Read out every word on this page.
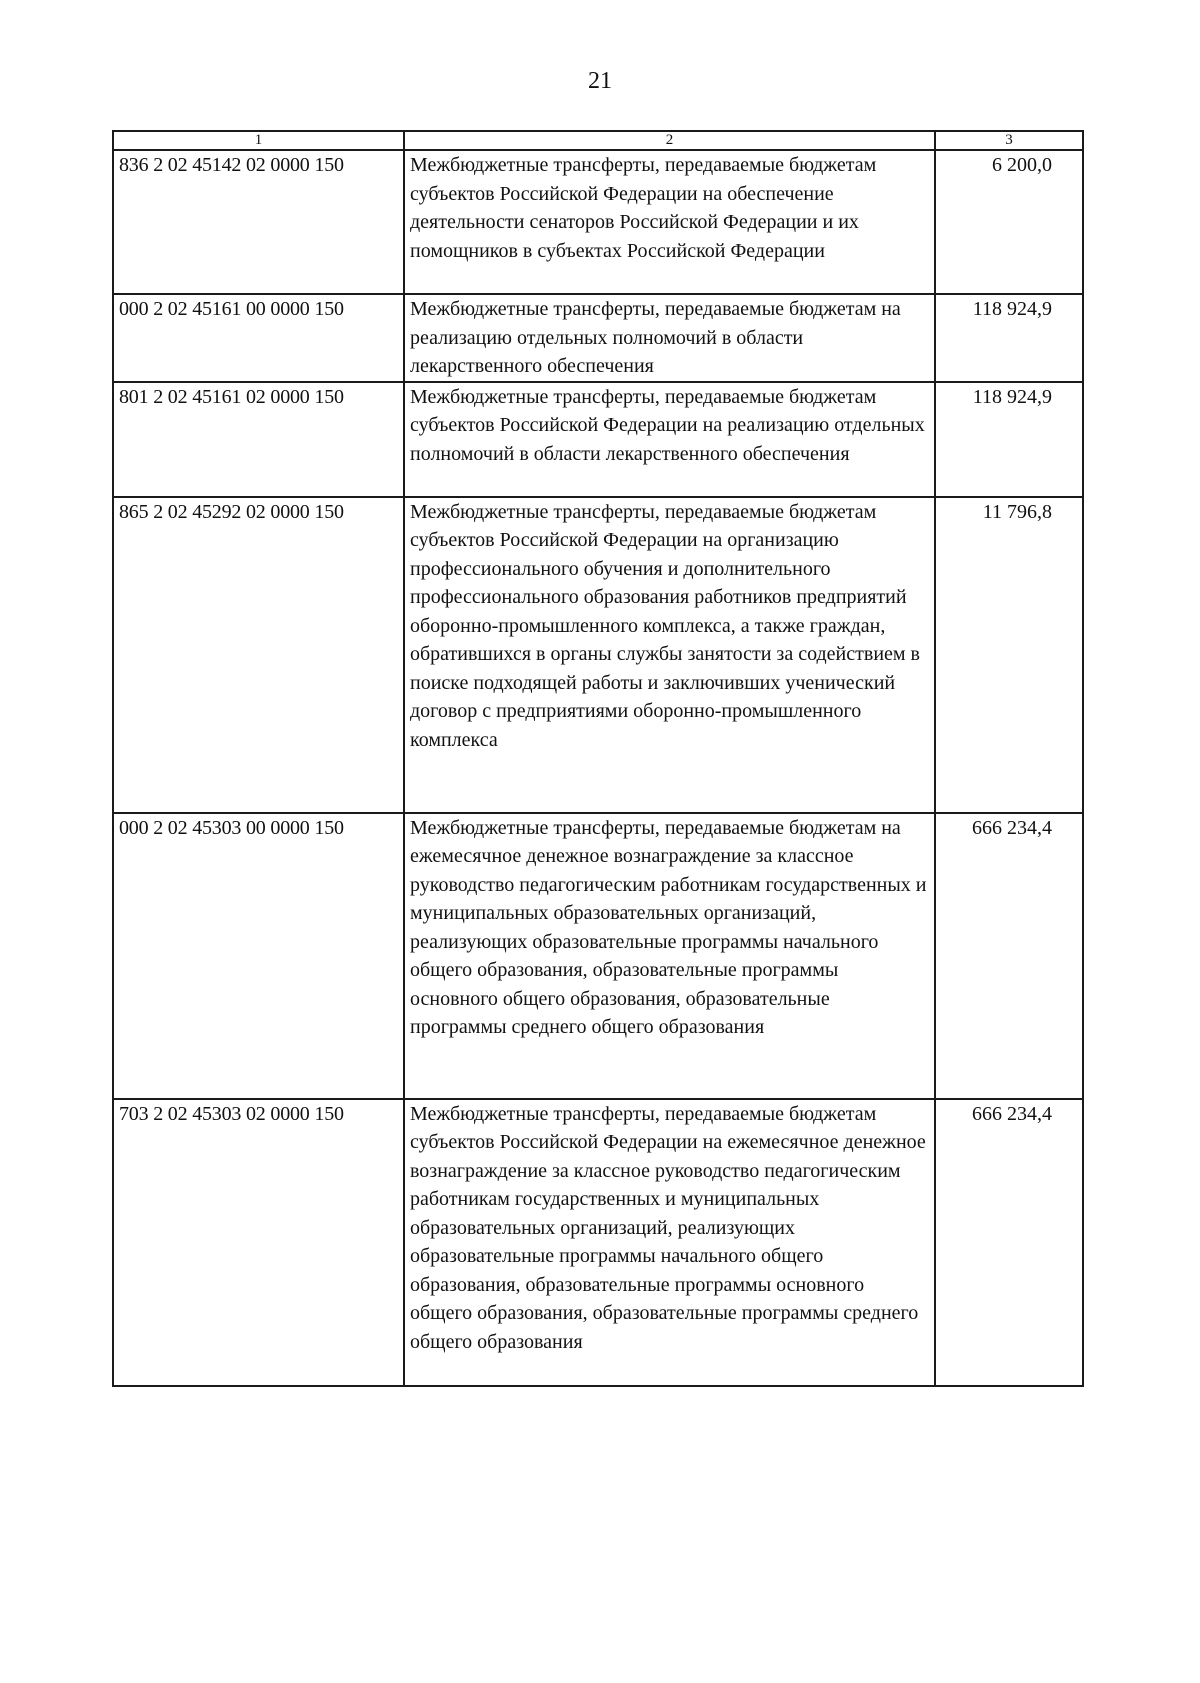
21
1	2	3
836 2 02 45142 02 0000 150	Межбюджетные трансферты, передаваемые бюджетам субъектов Российской Федерации на обеспечение деятельности сенаторов Российской Федерации и их помощников в субъектах Российской Федерации	6 200,0
000 2 02 45161 00 0000 150	Межбюджетные трансферты, передаваемые бюджетам на реализацию отдельных полномочий в области лекарственного обеспечения	118 924,9
801 2 02 45161 02 0000 150	Межбюджетные трансферты, передаваемые бюджетам субъектов Российской Федерации на реализацию отдельных полномочий в области лекарственного обеспечения	118 924,9
865 2 02 45292 02 0000 150	Межбюджетные трансферты, передаваемые бюджетам субъектов Российской Федерации на организацию профессионального обучения и дополнительного профессионального образования работников предприятий оборонно-промышленного комплекса, а также граждан, обратившихся в органы службы занятости за содействием в поиске подходящей работы и заключивших ученический договор с предприятиями оборонно-промышленного комплекса	11 796,8
000 2 02 45303 00 0000 150	Межбюджетные трансферты, передаваемые бюджетам на ежемесячное денежное вознаграждение за классное руководство педагогическим работникам государственных и муниципальных образовательных организаций, реализующих образовательные программы начального общего образования, образовательные программы основного общего образования, образовательные программы среднего общего образования	666 234,4
703 2 02 45303 02 0000 150	Межбюджетные трансферты, передаваемые бюджетам субъектов Российской Федерации на ежемесячное денежное вознаграждение за классное руководство педагогическим работникам государственных и муниципальных образовательных организаций, реализующих образовательные программы начального общего образования, образовательные программы основного общего образования, образовательные программы среднего общего образования	666 234,4
